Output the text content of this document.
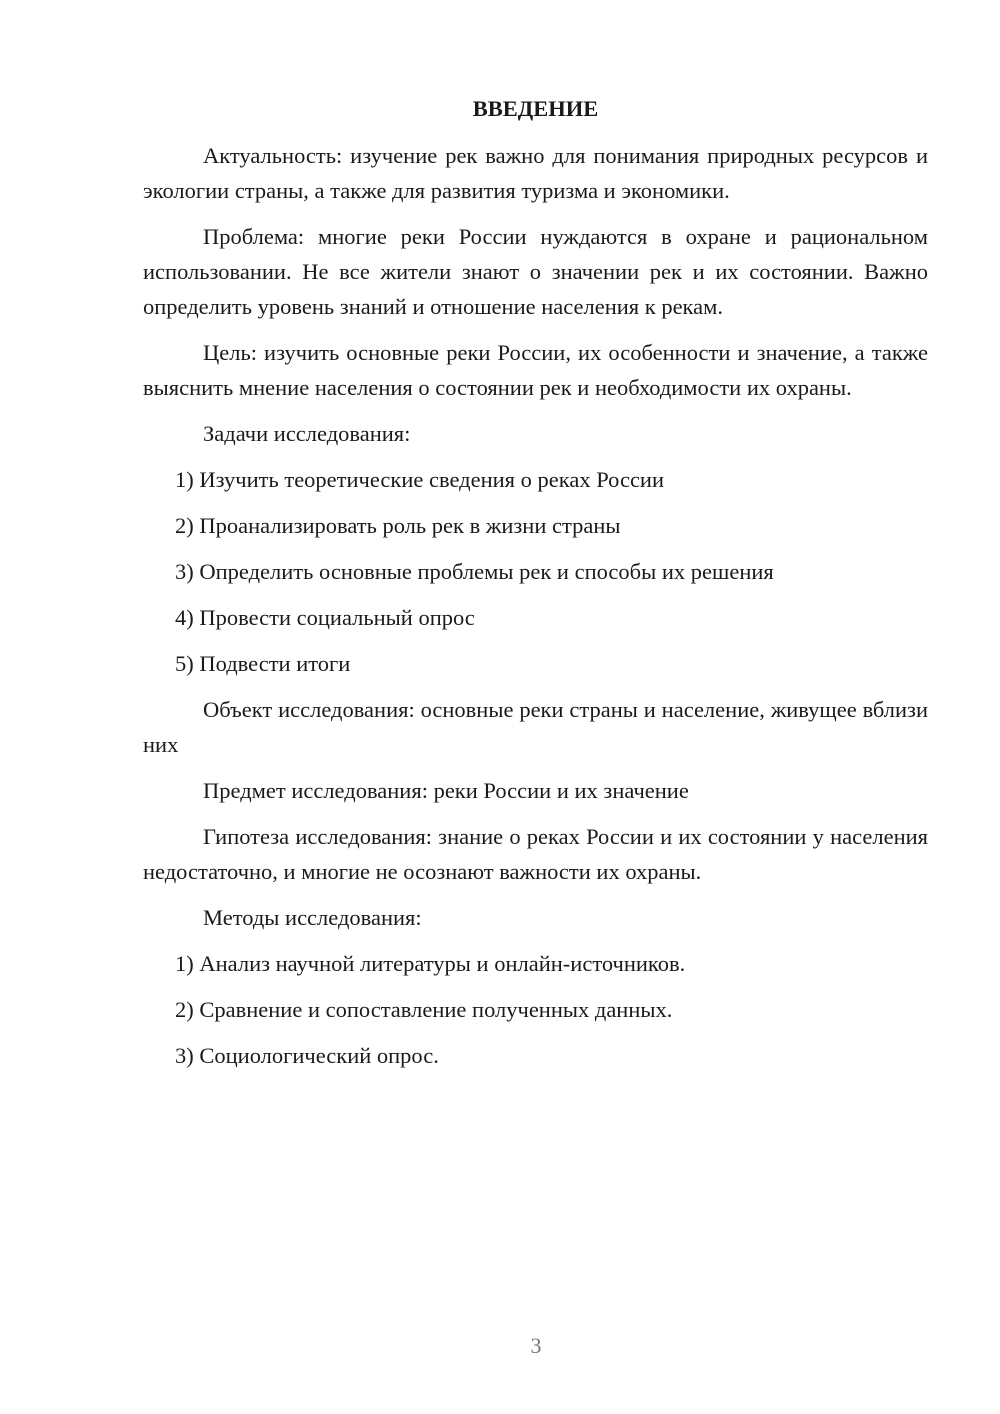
ВВЕДЕНИЕ
Актуальность: изучение рек важно для понимания природных ресурсов и экологии страны, а также для развития туризма и экономики.
Проблема: многие реки России нуждаются в охране и рациональном использовании. Не все жители знают о значении рек и их состоянии. Важно определить уровень знаний и отношение населения к рекам.
Цель: изучить основные реки России, их особенности и значение, а также выяснить мнение населения о состоянии рек и необходимости их охраны.
Задачи исследования:
1) Изучить теоретические сведения о реках России
2) Проанализировать роль рек в жизни страны
3) Определить основные проблемы рек и способы их решения
4) Провести социальный опрос
5) Подвести итоги
Объект исследования: основные реки страны и население, живущее вблизи них
Предмет исследования: реки России и их значение
Гипотеза исследования: знание о реках России и их состоянии у населения недостаточно, и многие не осознают важности их охраны.
Методы исследования:
1) Анализ научной литературы и онлайн-источников.
2) Сравнение и сопоставление полученных данных.
3) Социологический опрос.
3
